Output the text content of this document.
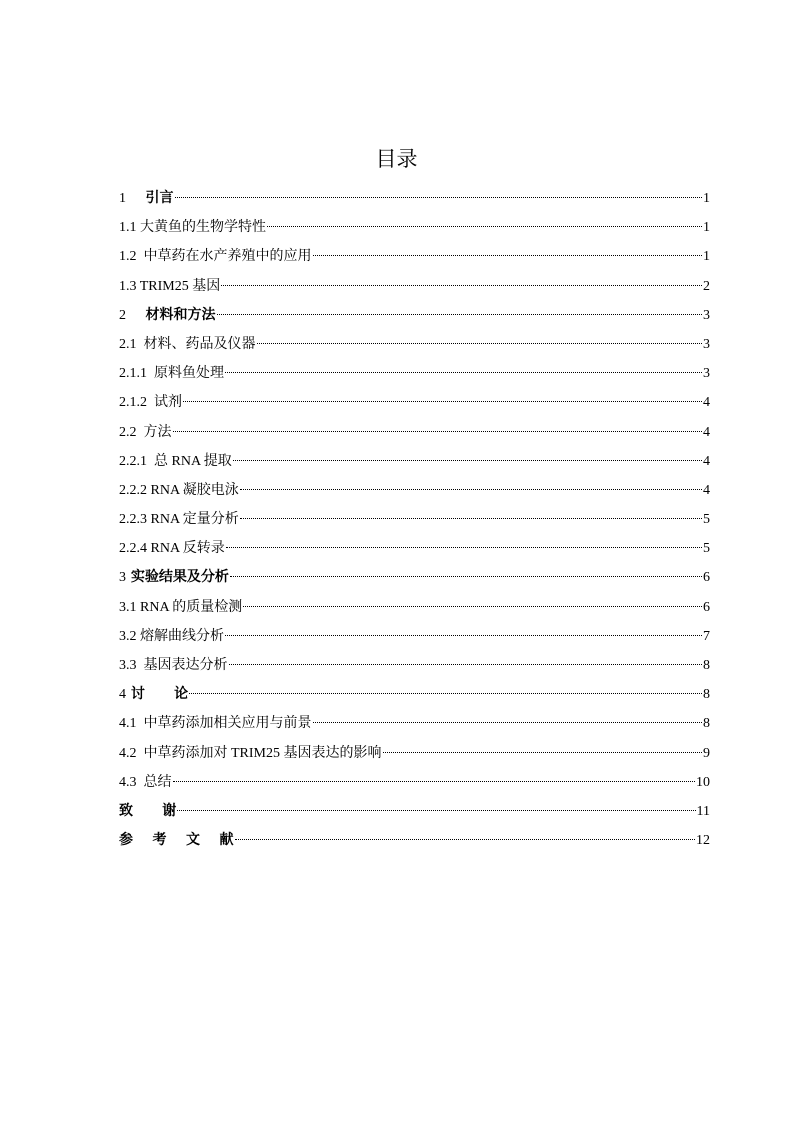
目录
1 引言	1
1.1 大黄鱼的生物学特性	1
1.2  中草药在水产养殖中的应用	1
1.3 TRIM25 基因	2
2 材料和方法	3
2.1  材料、药品及仪器	3
2.1.1  原料鱼处理	3
2.1.2  试剂	4
2.2  方法	4
2.2.1  总 RNA 提取	4
2.2.2 RNA 凝胶电泳	4
2.2.3 RNA 定量分析	5
2.2.4 RNA 反转录	5
3 实验结果及分析	6
3.1 RNA 的质量检测	6
3.2 熔解曲线分析	7
3.3  基因表达分析	8
4 讨      论	8
4.1  中草药添加相关应用与前景	8
4.2  中草药添加对 TRIM25 基因表达的影响	9
4.3  总结	10
致      谢	11
参    考    文    献	12
